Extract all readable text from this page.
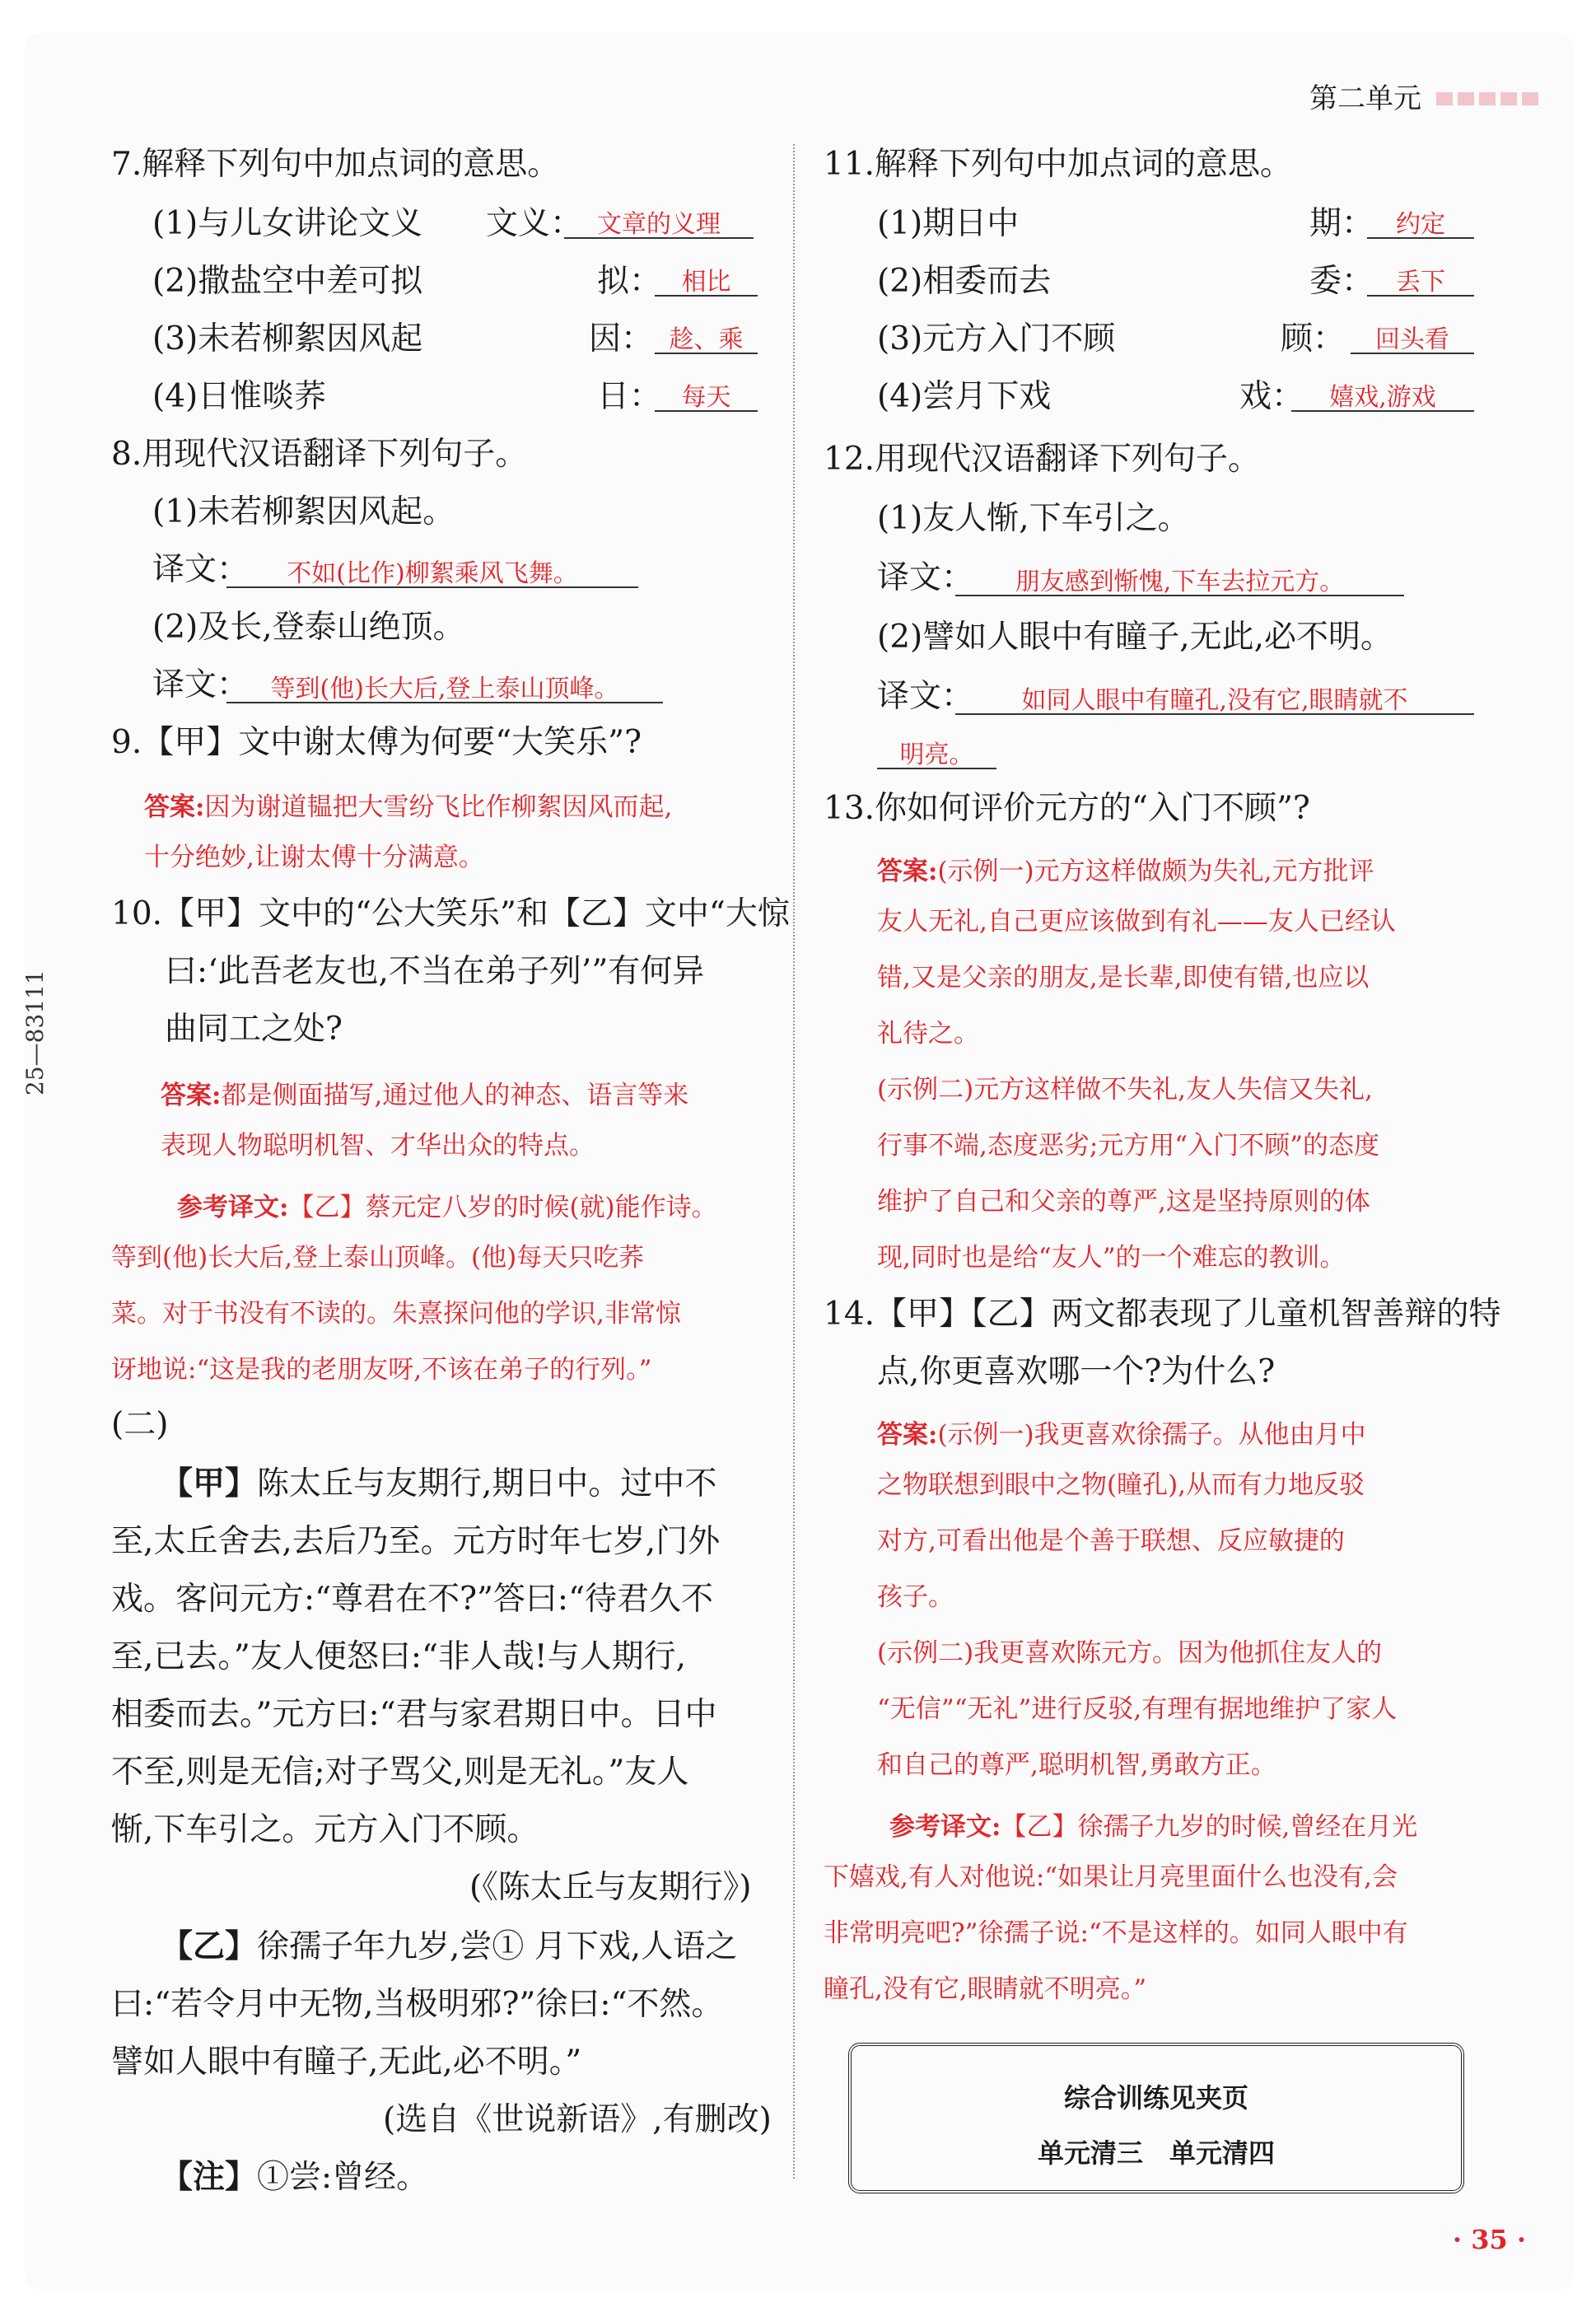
第二单元
25—83111
7.解释下列句中加点词的意思。
(1)与儿女讲论文义 文义： 文章的义理
(2)撒盐空中差可拟	拟： 相比
(3)未若柳絮因风起	因： 趁、乘
(4)日惟啖荞	日： 每天
8.用现代汉语翻译下列句子。
(1)未若柳絮因风起。
译文：	不如(比作)柳絮乘风飞舞。
(2)及长,登泰山绝顶。
译文： 等到(他)长大后,登上泰山顶峰。
9.【甲】文中谢太傅为何要“大笑乐”?
答案:因为谢道韫把大雪纷飞比作柳絮因风而起,
十分绝妙,让谢太傅十分满意。
10.【甲】文中的“公大笑乐”和【乙】文中“大惊
曰:‘此吾老友也,不当在弟子列’”有何异
曲同工之处?
答案:都是侧面描写,通过他人的神态、语言等来
表现人物聪明机智、才华出众的特点。
参考译文:【乙】蔡元定八岁的时候(就)能作诗。
等到(他)长大后,登上泰山顶峰。(他)每天只吃荞
菜。对于书没有不读的。朱熹探问他的学识,非常惊
讶地说:“这是我的老朋友呀,不该在弟子的行列。”
(二)
【甲】陈太丘与友期行,期日中。过中不
至,太丘舍去,去后乃至。元方时年七岁,门外
戏。客问元方:“尊君在不?”答曰:“待君久不
至,已去。”友人便怒曰:“非人哉!与人期行,
相委而去。”元方曰:“君与家君期日中。日中
不至,则是无信;对子骂父,则是无礼。”友人
惭,下车引之。元方入门不顾。
(《陈太丘与友期行》)
【乙】徐孺子年九岁,尝① 月下戏,人语之
曰:“若令月中无物,当极明邪?”徐曰:“不然。
譬如人眼中有瞳子,无此,必不明。”
(选自《世说新语》,有删改)
【注】①尝:曾经。
11.解释下列句中加点词的意思。
(1)期日中	期： 约定
(2)相委而去	委： 丢下
(3)元方入门不顾	顾：	回头看
(4)尝月下戏	戏：	嬉戏,游戏
12.用现代汉语翻译下列句子。
(1)友人惭,下车引之。
译文：	朋友感到惭愧,下车去拉元方。
(2)譬如人眼中有瞳子,无此,必不明。
译文：	如同人眼中有瞳孔,没有它,眼睛就不
明亮。
13.你如何评价元方的“入门不顾”?
答案:(示例一)元方这样做颇为失礼,元方批评
友人无礼,自己更应该做到有礼——友人已经认
错,又是父亲的朋友,是长辈,即使有错,也应以
礼待之。
(示例二)元方这样做不失礼,友人失信又失礼,
行事不端,态度恶劣;元方用“入门不顾”的态度
维护了自己和父亲的尊严,这是坚持原则的体
现,同时也是给“友人”的一个难忘的教训。
14.【甲】【乙】两文都表现了儿童机智善辩的特
点,你更喜欢哪一个?为什么?
答案:(示例一)我更喜欢徐孺子。从他由月中
之物联想到眼中之物(瞳孔),从而有力地反驳
对方,可看出他是个善于联想、反应敏捷的
孩子。
(示例二)我更喜欢陈元方。因为他抓住友人的
“无信”“无礼”进行反驳,有理有据地维护了家人
和自己的尊严,聪明机智,勇敢方正。
参考译文:【乙】徐孺子九岁的时候,曾经在月光
下嬉戏,有人对他说:“如果让月亮里面什么也没有,会
非常明亮吧?”徐孺子说:“不是这样的。如同人眼中有
瞳孔,没有它,眼睛就不明亮。”
综合训练见夹页
单元清三　单元清四
· 35 ·
